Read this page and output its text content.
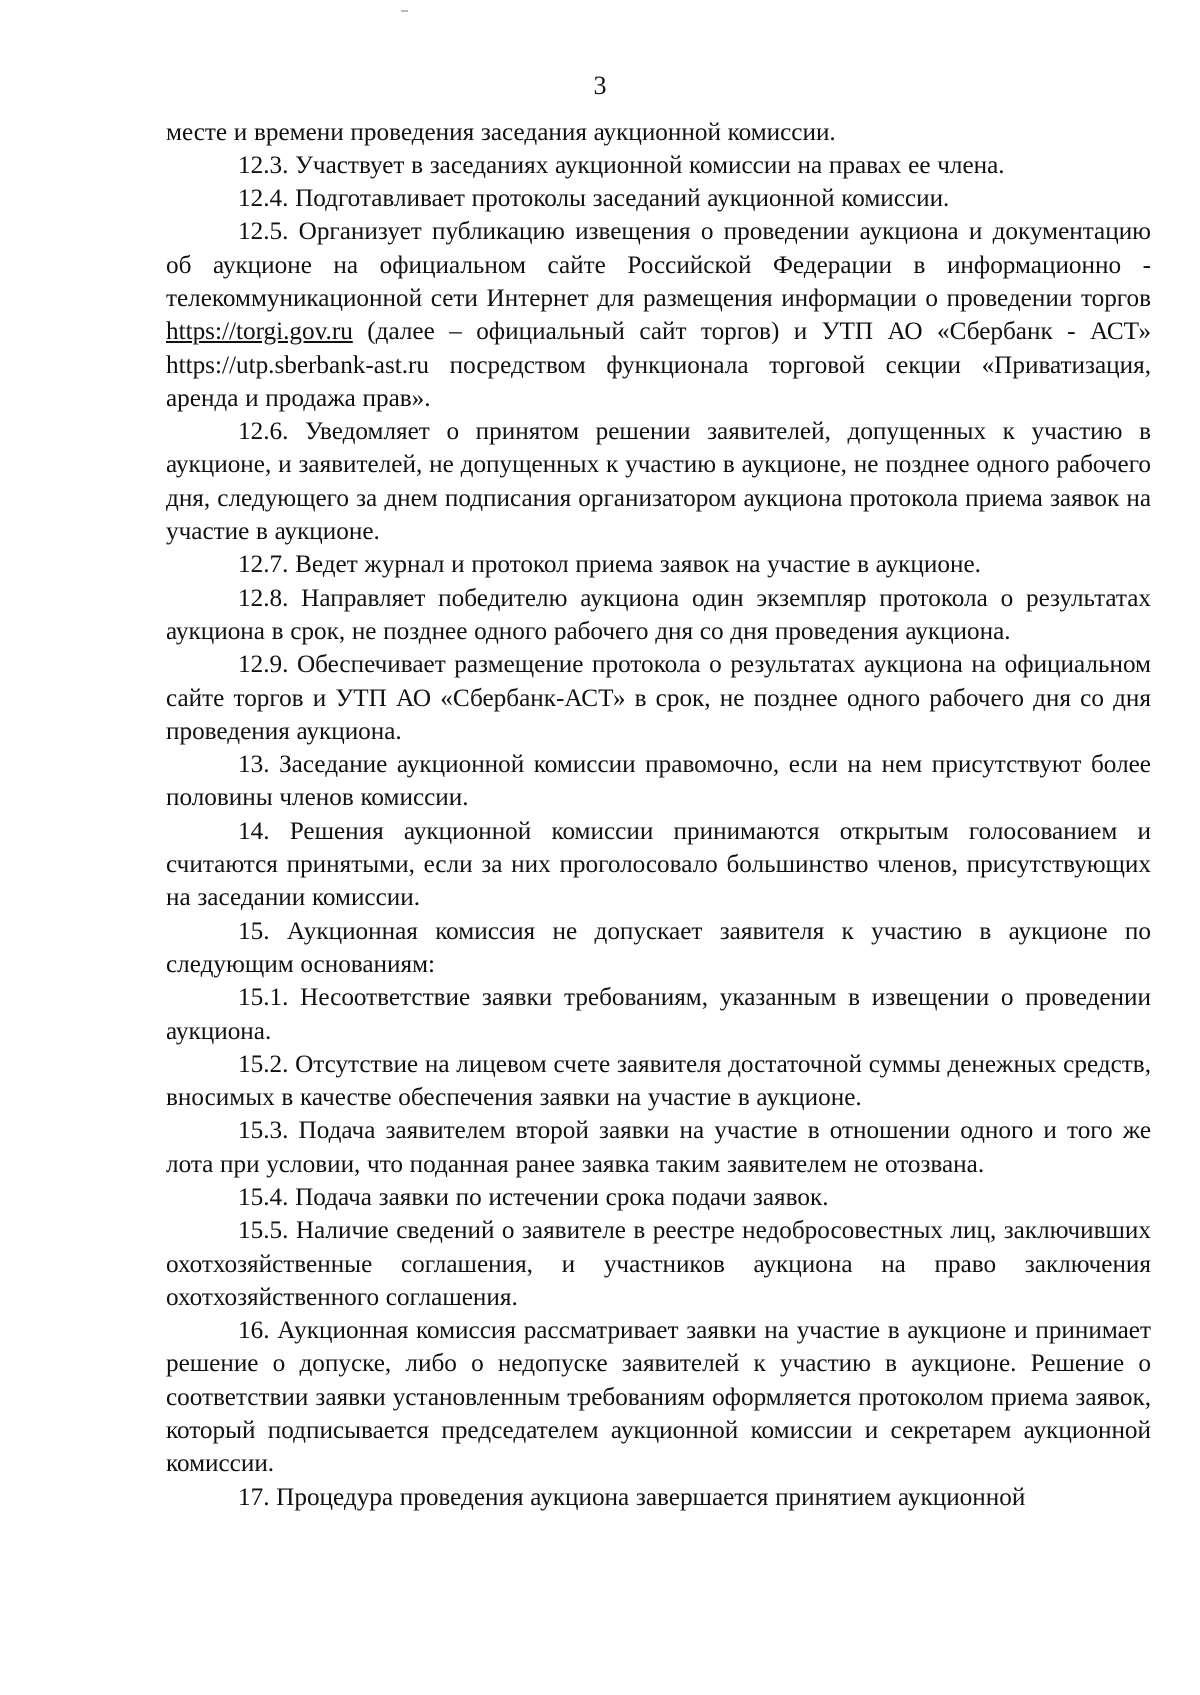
3

месте и времени проведения заседания аукционной комиссии.

12.3. Участвует в заседаниях аукционной комиссии на правах ее члена.

12.4. Подготавливает протоколы заседаний аукционной комиссии.

12.5. Организует публикацию извещения о проведении аукциона и документацию об аукционе на официальном сайте Российской Федерации в информационно - телекоммуникационной сети Интернет для размещения информации о проведении торгов https://torgi.gov.ru (далее – официальный сайт торгов) и УТП АО «Сбербанк - АСТ» https://utp.sberbank-ast.ru посредством функционала торговой секции «Приватизация, аренда и продажа прав».

12.6. Уведомляет о принятом решении заявителей, допущенных к участию в аукционе, и заявителей, не допущенных к участию в аукционе, не позднее одного рабочего дня, следующего за днем подписания организатором аукциона протокола приема заявок на участие в аукционе.

12.7. Ведет журнал и протокол приема заявок на участие в аукционе.

12.8. Направляет победителю аукциона один экземпляр протокола о результатах аукциона в срок, не позднее одного рабочего дня со дня проведения аукциона.

12.9. Обеспечивает размещение протокола о результатах аукциона на официальном сайте торгов и УТП АО «Сбербанк-АСТ» в срок, не позднее одного рабочего дня со дня проведения аукциона.

13. Заседание аукционной комиссии правомочно, если на нем присутствуют более половины членов комиссии.

14. Решения аукционной комиссии принимаются открытым голосованием и считаются принятыми, если за них проголосовало большинство членов, присутствующих на заседании комиссии.

15. Аукционная комиссия не допускает заявителя к участию в аукционе по следующим основаниям:

15.1. Несоответствие заявки требованиям, указанным в извещении о проведении аукциона.

15.2. Отсутствие на лицевом счете заявителя достаточной суммы денежных средств, вносимых в качестве обеспечения заявки на участие в аукционе.

15.3. Подача заявителем второй заявки на участие в отношении одного и того же лота при условии, что поданная ранее заявка таким заявителем не отозвана.

15.4. Подача заявки по истечении срока подачи заявок.

15.5. Наличие сведений о заявителе в реестре недобросовестных лиц, заключивших охотхозяйственные соглашения, и участников аукциона на право заключения охотхозяйственного соглашения.

16. Аукционная комиссия рассматривает заявки на участие в аукционе и принимает решение о допуске, либо о недопуске заявителей к участию в аукционе. Решение о соответствии заявки установленным требованиям оформляется протоколом приема заявок, который подписывается председателем аукционной комиссии и секретарем аукционной комиссии.

17. Процедура проведения аукциона завершается принятием аукционной
